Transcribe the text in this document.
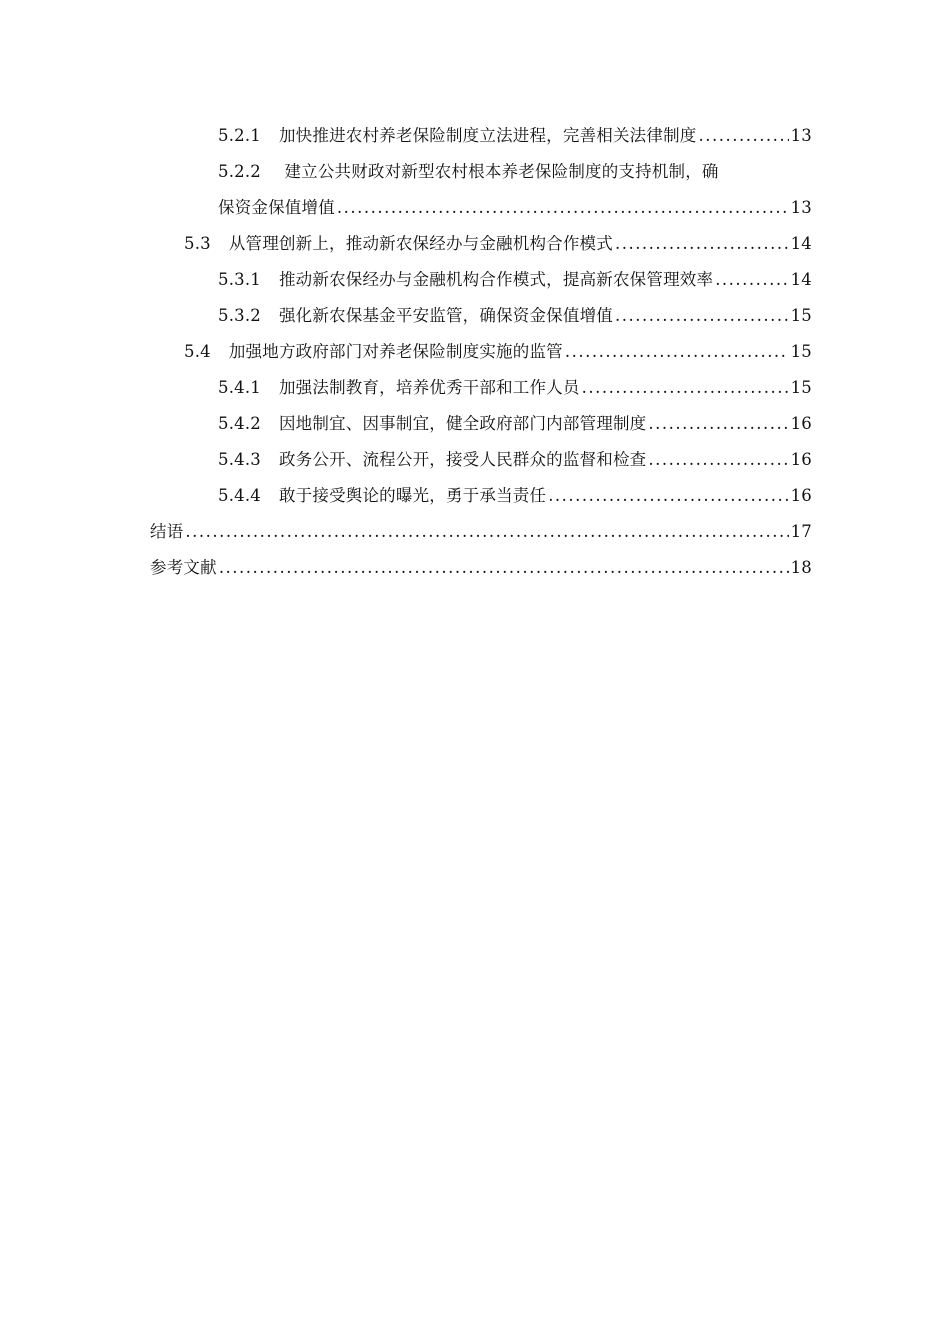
5.2.1 加快推进农村养老保险制度立法进程，完善相关法律制度 .....	13
5.2.2 建立公共财政对新型农村根本养老保险制度的支持机制，确
保资金保值增值 .....	13
5.3 从管理创新上，推动新农保经办与金融机构合作模式 .....	14
5.3.1 推动新农保经办与金融机构合作模式，提高新农保管理效率 .....	14
5.3.2 强化新农保基金平安监管，确保资金保值增值 .....	15
5.4 加强地方政府部门对养老保险制度实施的监管 .....	15
5.4.1 加强法制教育，培养优秀干部和工作人员 .....	15
5.4.2 因地制宜、因事制宜，健全政府部门内部管理制度 .....	16
5.4.3 政务公开、流程公开，接受人民群众的监督和检查 .....	16
5.4.4 敢于接受舆论的曝光，勇于承当责任 .....	16
结语 .....	17
参考文献 .....	18
